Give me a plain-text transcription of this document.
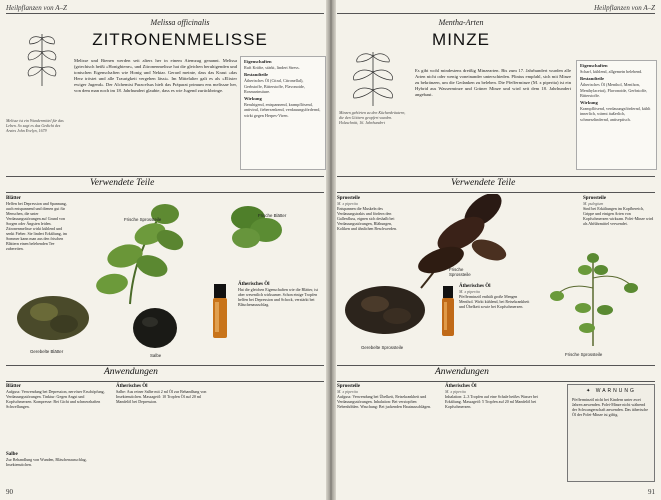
Heilpflanzen von A–Z
Melisse ist ein Wundermittel für das Leben. So sagt es das Gedicht des Arztes John Evelyn, 1679
Melissa officinalis
ZITRONENMELISSE
Melisse und Bienen werden seit alters her in einem Atemzug genannt. Melissa (griechisch heißt »Honigbiene«, und Zitronenmelisse hat die gleichen beruhigenden und tonischen Eigenschaften wie Honig und Nektar. Gerard meinte, dass das Kraut »das Herz tröstet und alle Traurigkeit vergehen lässt«. Im Mittelalter galt es als »Elixier ewiger Jugend«. Der Alchemist Paracelsus hielt das Präparat primum ens melissae her, von dem man noch im 18. Jahrhundert glaubte, dass es wie Jugend zurückbringe.
Eigenschaften
Ruft Kräfte, stärkt, lindert Stress.
Bestandteile
Ätherisches Öl (Citral, Citronellal), Gerbstoffe, Bitterstoffe, Flavonoide, Rosmarinsäure.
Wirkung
Beruhigend, entspannend, krampflösend, antiviral, fiebersenkend, verdauungsfördernd, wirkt gegen Herpes-Viren.
Verwendete Teile
Blätter
Helfen bei Depression und Spannung, auch entspannend und dienen gut für Menschen, die unter Verdauungsstörungen auf Grund von Sorgen oder Ängsten leiden. Zitronenmelisse wirkt kühlend und senkt Fieber. Sie lindert Erkältung, im Sommer kann man aus den frischen Blättern einen belebenden Tee zubereiten.
Frische Sprossteile
Frische Blätter
Gerebelte Blätter
Salbe
Ätherisches Öl
Hat die gleichen Eigenschaften wie die Blätter, ist aber wesentlich wirksamer. Schon einige Tropfen helfen bei Depression und Schock, verstärkt bei Bläschenausschlag.
Anwendungen
Blätter
Aufguss: Verwendung bei Depression, nervöser Erschöpfung, Verdauungsstörungen. Tinktur: Gegen Angst und Kopfschmerzen. Kompresse: Bei Gicht und schmerzhaften Schwellungen.
Salbe
Zur Behandlung von Wunden, Bläschenausschlag, Insektenstichen.
Ätherisches Öl
Salbe: Aus reiner Salbe mit 2 ml Öl zur Behandlung von Insektenstichen. Massageöl: 10 Tropfen Öl auf 20 ml Mandelöl bei Depression.
90
Heilpflanzen von A–Z
Mentha-Arten
MINZE
Minzen gehörten zu den Küchenkräutern, die den Göttern geopfert wurden. Holzschnitt, 16. Jahrhundert
Es gibt wohl mindestens dreißig Minzearten. Bis zum 17. Jahrhundert wurden alle Arten nicht oder wenig voneinander unterschieden. Plinius empfahl, sich mit Minze zu bekränzen, um die Gedanken zu beleben. Die Pfefferminze (M. x piperita) ist ein Hybrid aus Wasserminze und Grüner Minze und wird seit dem 18. Jahrhundert angebaut.
Eigenschaften
Scharf, kühlend, allgemein belebend.
Bestandteile
Ätherisches Öl (Menthol, Menthon, Menthylacetat), Flavonoide, Gerbstoffe, Bitterstoffe.
Wirkung
Krampflösend, verdauungsfördernd, kühlt innerlich, wärmt äußerlich, schmerzlindernd, antiseptisch.
Verwendete Teile
Sprossteile
M. x piperita
Entspannen die Muskeln des Verdauungstrakts und fördern den Gallenfluss, eignen sich deshalb bei Verdauungsstörungen, Blähungen, Koliken und ähnlichen Beschwerden.
Frische Sprossteile
Gerebelte Sprossteile
Ätherisches Öl
M. x piperita
Pfefferminzöl enthält große Mengen Menthol. Wirkt kühlend, bei Reisekrankheit und Übelkeit sowie bei Kopfschmerzen.
Sprossteile
M. pulegium
Sind bei Erkältungen im Kopfbereich, Grippe und einigen Arten von Kopfschmerzen wirksam. Polei-Minze wird als Abführmittel verwendet.
Frische Sprossteile
Anwendungen
Sprossteile
M. x piperita
Aufguss: Verwendung bei Übelkeit, Reisekrankheit und Verdauungsstörungen. Inhalation: Bei verstopften Nebenhöhlen. Waschung: Bei juckenden Hautausschlägen.
Ätherisches Öl
M. x piperita
Inhalation: 2–3 Tropfen auf eine Schale heißes Wasser bei Erkältung. Massageöl: 5 Tropfen auf 20 ml Mandelöl bei Kopfschmerzen.
✦ WARNUNG
Pfefferminzöl nicht bei Kindern unter zwei Jahren anwenden. Polei-Minze nicht während der Schwangerschaft anwenden. Das ätherische Öl der Polei-Minze ist giftig.
91
